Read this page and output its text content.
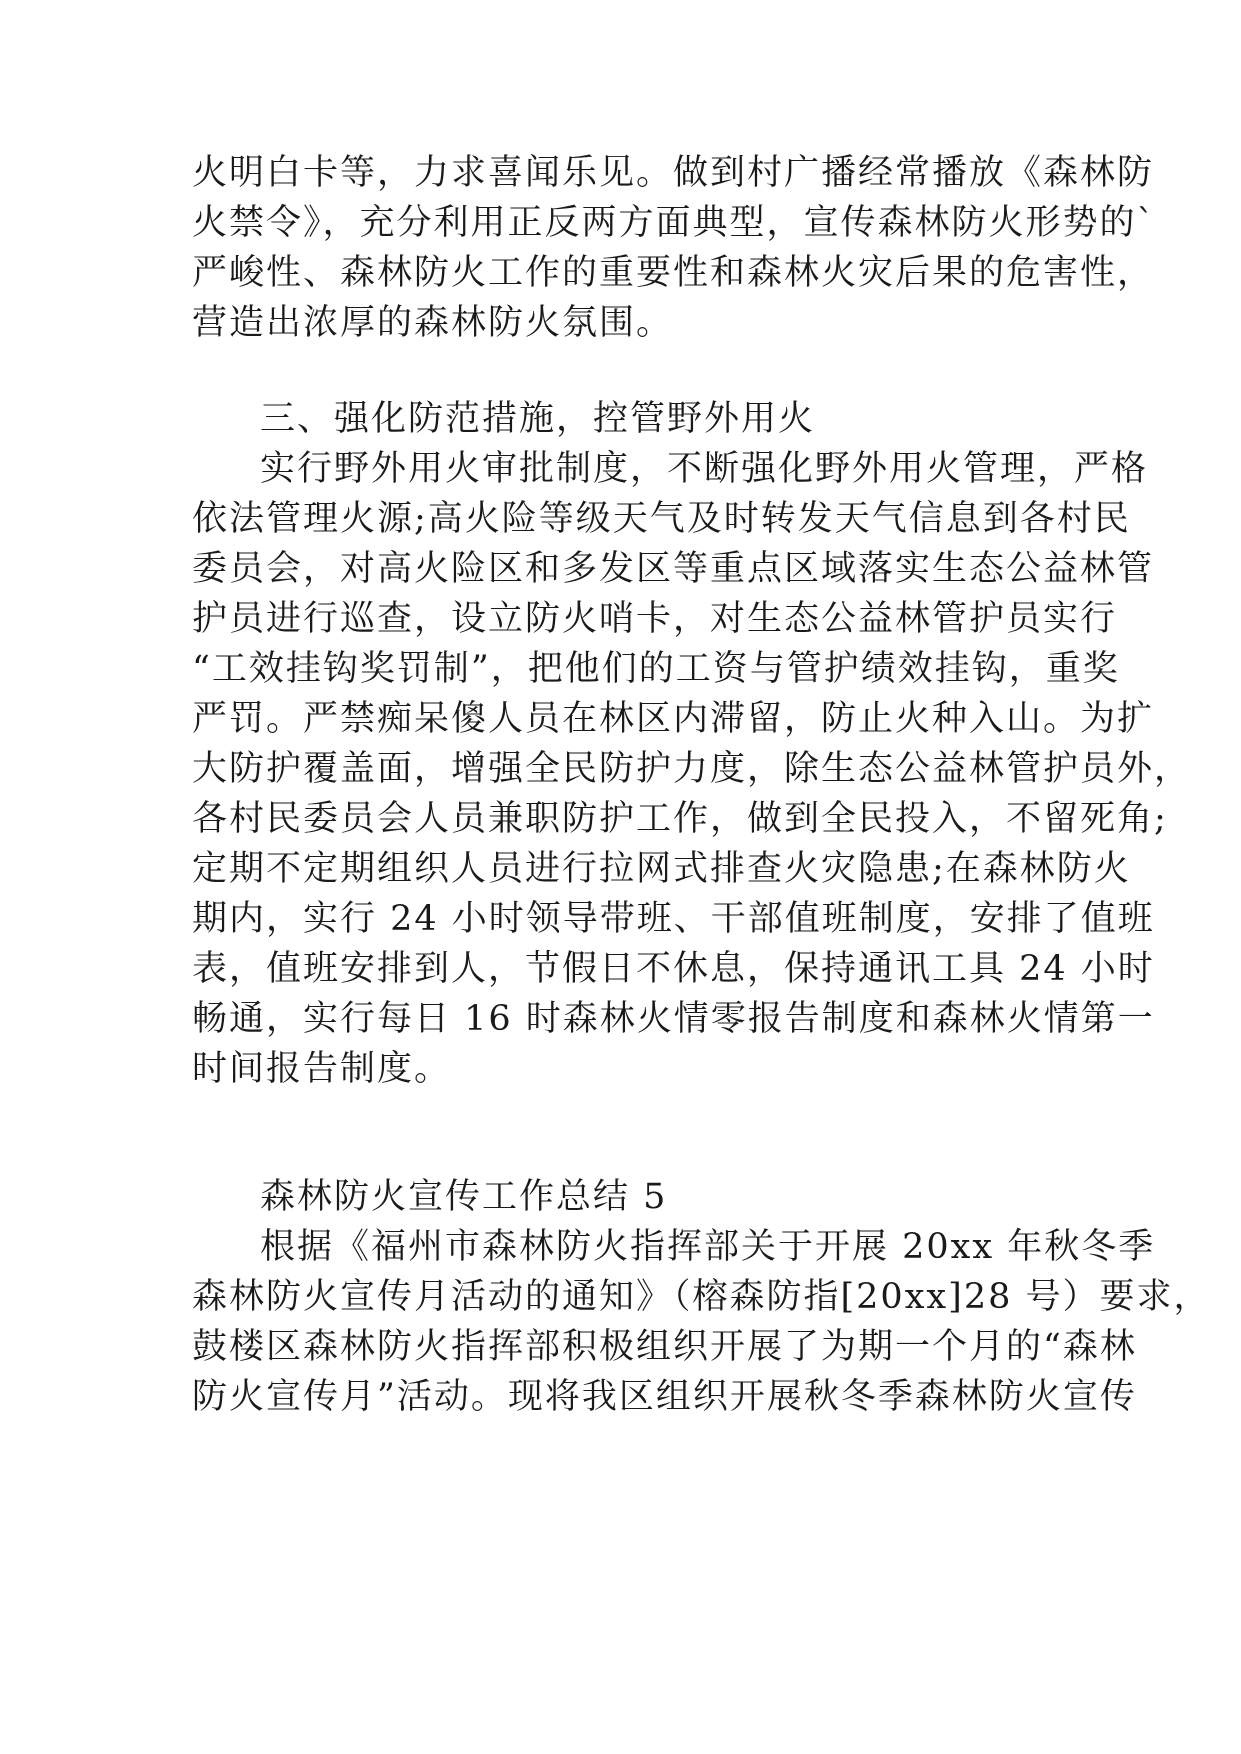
火明白卡等，力求喜闻乐见。做到村广播经常播放《森林防
火禁令》，充分利用正反两方面典型，宣传森林防火形势的`
严峻性、森林防火工作的重要性和森林火灾后果的危害性，
营造出浓厚的森林防火氛围。
三、强化防范措施，控管野外用火
实行野外用火审批制度，不断强化野外用火管理，严格
依法管理火源;高火险等级天气及时转发天气信息到各村民
委员会，对高火险区和多发区等重点区域落实生态公益林管
护员进行巡查，设立防火哨卡，对生态公益林管护员实行
“工效挂钩奖罚制”，把他们的工资与管护绩效挂钩，重奖
严罚。严禁痴呆傻人员在林区内滞留，防止火种入山。为扩
大防护覆盖面，增强全民防护力度，除生态公益林管护员外，
各村民委员会人员兼职防护工作，做到全民投入，不留死角;
定期不定期组织人员进行拉网式排查火灾隐患;在森林防火
期内，实行 24 小时领导带班、干部值班制度，安排了值班
表，值班安排到人，节假日不休息，保持通讯工具 24 小时
畅通，实行每日 16 时森林火情零报告制度和森林火情第一
时间报告制度。
森林防火宣传工作总结 5
根据《福州市森林防火指挥部关于开展 20xx 年秋冬季
森林防火宣传月活动的通知》（榕森防指[20xx]28 号）要求，
鼓楼区森林防火指挥部积极组织开展了为期一个月的“森林
防火宣传月”活动。现将我区组织开展秋冬季森林防火宣传
